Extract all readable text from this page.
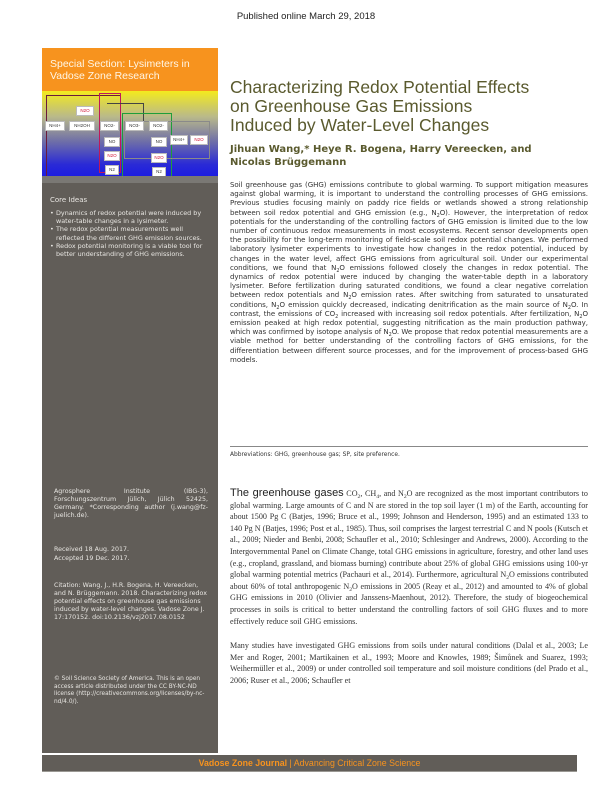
Published online March 29, 2018
Special Section: Lysimeters in
Vadose Zone Research
N2O
NH4+	NH2OH	NO2-	NO3-	NO2-
NO
N2O
N2
NH4+	N2O
NO
N2O
N2
Core Ideas
• Dynamics of redox potential were induced by water-table changes in a lysimeter.
• The redox potential measurements well reflected the different GHG emission sources.
• Redox potential monitoring is a viable tool for better understanding of GHG emissions.
Agrosphere Institute (IBG-3), Forschungszentrum Jülich, Jülich 52425, Germany. *Corresponding author (j.wang@fz-juelich.de).
Received 18 Aug. 2017.
Accepted 19 Dec. 2017.
Citation: Wang, J., H.R. Bogena, H. Vereecken, and N. Brüggemann. 2018. Characterizing redox potential effects on greenhouse gas emissions induced by water-level changes. Vadose Zone J. 17:170152. doi:10.2136/vzj2017.08.0152
© Soil Science Society of America. This is an open access article distributed under the CC BY-NC-ND license (http://creativecommons.org/licenses/by-nc-nd/4.0/).
Characterizing Redox Potential Effects
on Greenhouse Gas Emissions
Induced by Water-Level Changes
Jihuan Wang,* Heye R. Bogena, Harry Vereecken, and
Nicolas Brüggemann
Soil greenhouse gas (GHG) emissions contribute to global warming. To support mitigation measures against global warming, it is important to understand the controlling processes of GHG emissions. Previous studies focusing mainly on paddy rice fields or wetlands showed a strong relationship between soil redox potential and GHG emission (e.g., $N_2O$). However, the interpretation of redox potentials for the understanding of the controlling factors of GHG emission is limited due to the low number of continuous redox measurements in most ecosystems. Recent sensor developments open the possibility for the long-term monitoring of field-scale soil redox potential changes. We performed laboratory lysimeter experiments to investigate how changes in the redox potential, induced by changes in the water level, affect GHG emissions from agricultural soil. Under our experimental conditions, we found that $N_2O$ emissions followed closely the changes in redox potential. The dynamics of redox potential were induced by changing the water-table depth in a laboratory lysimeter. Before fertilization during saturated conditions, we found a clear negative correlation between redox potentials and $N_2O$ emission rates. After switching from saturated to unsaturated conditions, $N_2O$ emission quickly decreased, indicating denitrification as the main source of $N_2O$. In contrast, the emissions of $CO_2$ increased with increasing soil redox potentials. After fertilization, $N_2O$ emission peaked at high redox potential, suggesting nitrification as the main production pathway, which was confirmed by isotope analysis of $N_2O$. We propose that redox potential measurements are a viable method for better understanding of the controlling factors of GHG emissions, for the differentiation between different source processes, and for the improvement of process-based GHG models.
Abbreviations: GHG, greenhouse gas; SP, site preference.

The greenhouse gases $CO_2$, $CH_4$, and $N_2O$ are recognized as the most important contributors to global warming. Large amounts of C and N are stored in the top soil layer (1 m) of the Earth, accounting for about 1500 Pg C (Batjes, 1996; Bruce et al., 1999; Johnson and Henderson, 1995) and an estimated 133 to 140 Pg N (Batjes, 1996; Post et al., 1985). Thus, soil comprises the largest terrestrial C and N pools (Kutsch et al., 2009; Nieder and Benbi, 2008; Schaufler et al., 2010; Schlesinger and Andrews, 2000). According to the Intergovernmental Panel on Climate Change, total GHG emissions in agriculture, forestry, and other land uses (e.g., cropland, grassland, and biomass burning) contribute about 25% of global GHG emissions using 100-yr global warming potential metrics (Pachauri et al., 2014). Furthermore, agricultural $N_2O$ emissions contributed about 60% of total anthropogenic $N_2O$ emissions in 2005 (Reay et al., 2012) and amounted to 4% of global GHG emissions in 2010 (Olivier and Janssens-Maenhout, 2012). Therefore, the study of biogeochemical processes in soils is critical to better understand the controlling factors of soil GHG fluxes and to more effectively reduce soil GHG emissions.

Many studies have investigated GHG emissions from soils under natural conditions (Dalal et al., 2003; Le Mer and Roger, 2001; Martikainen et al., 1993; Moore and Knowles, 1989; Šimůnek and Suarez, 1993; Weihermüller et al., 2009) or under controlled soil temperature and soil moisture conditions (del Prado et al., 2006; Ruser et al., 2006; Schaufler et

Vadose Zone Journal | Advancing Critical Zone Science
